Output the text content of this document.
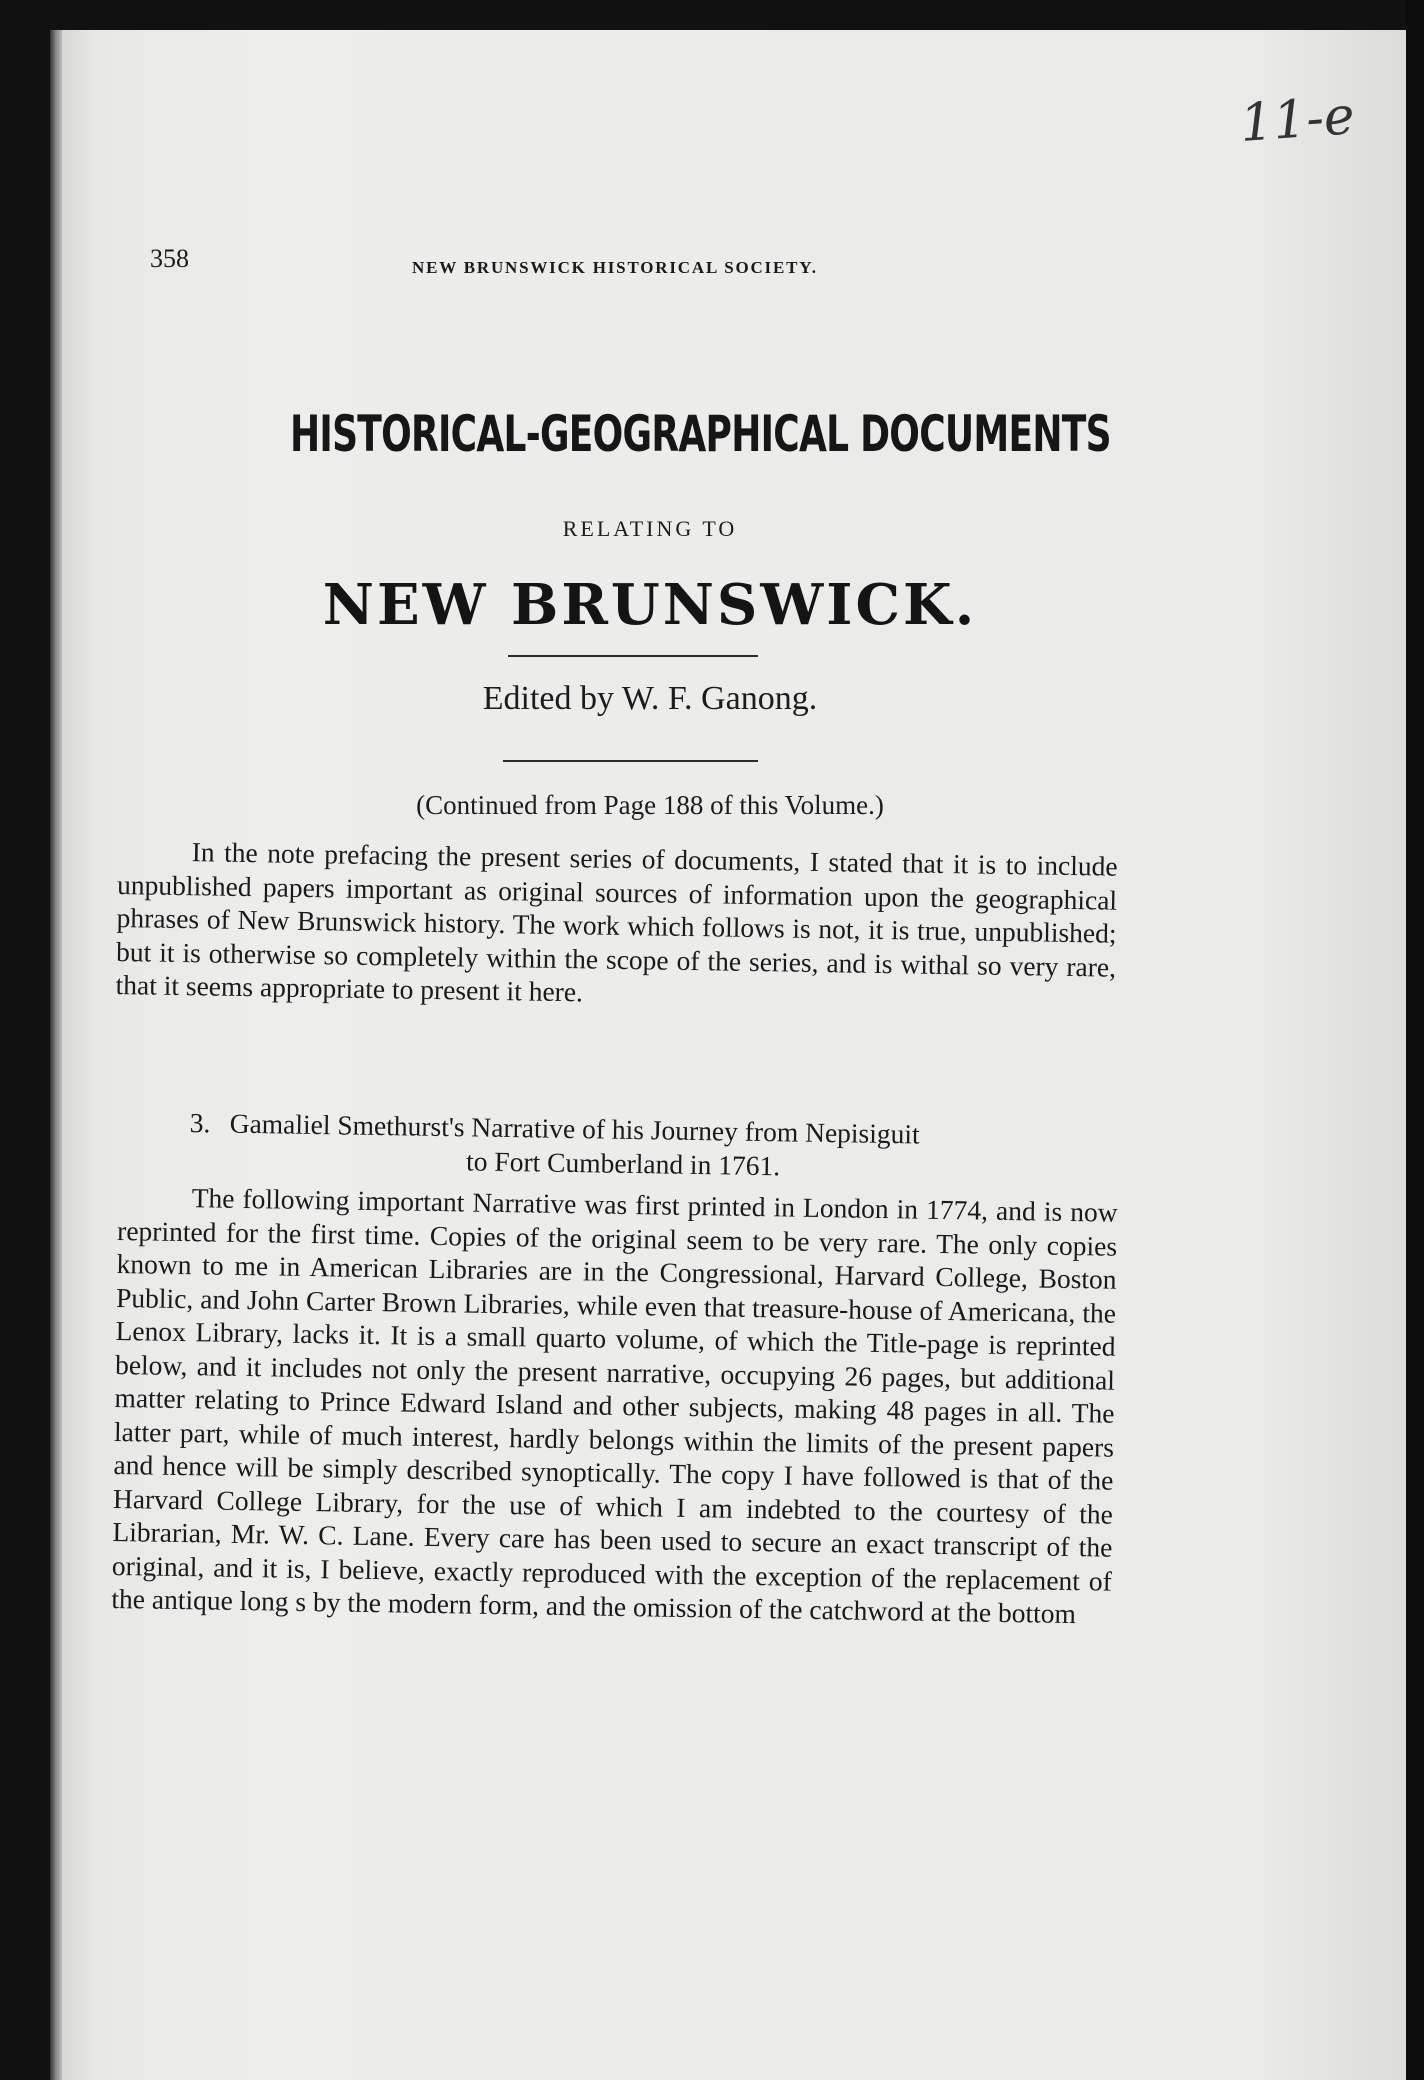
11-e
358	NEW BRUNSWICK HISTORICAL SOCIETY.
HISTORICAL-GEOGRAPHICAL DOCUMENTS
RELATING TO
NEW BRUNSWICK.
Edited by W. F. Ganong.
(Continued from Page 188 of this Volume.)

In the note prefacing the present series of documents, I stated that it is to include unpublished papers important as original sources of information upon the geographical phrases of New Brunswick history. The work which follows is not, it is true, unpublished; but it is otherwise so completely within the scope of the series, and is withal so very rare, that it seems appropriate to present it here.

3. Gamaliel Smethurst's Narrative of his Journey from Nepisiguit
to Fort Cumberland in 1761.

The following important Narrative was first printed in London in 1774, and is now reprinted for the first time. Copies of the original seem to be very rare. The only copies known to me in American Libraries are in the Congressional, Harvard College, Boston Public, and John Carter Brown Libraries, while even that treasure-house of Americana, the Lenox Library, lacks it. It is a small quarto volume, of which the Title-page is reprinted below, and it includes not only the present narrative, occupying 26 pages, but additional matter relating to Prince Edward Island and other subjects, making 48 pages in all. The latter part, while of much interest, hardly belongs within the limits of the present papers and hence will be simply described synoptically. The copy I have followed is that of the Harvard College Library, for the use of which I am indebted to the courtesy of the Librarian, Mr. W. C. Lane. Every care has been used to secure an exact transcript of the original, and it is, I believe, exactly reproduced with the exception of the replacement of the antique long s by the modern form, and the omission of the catchword at the bottom
